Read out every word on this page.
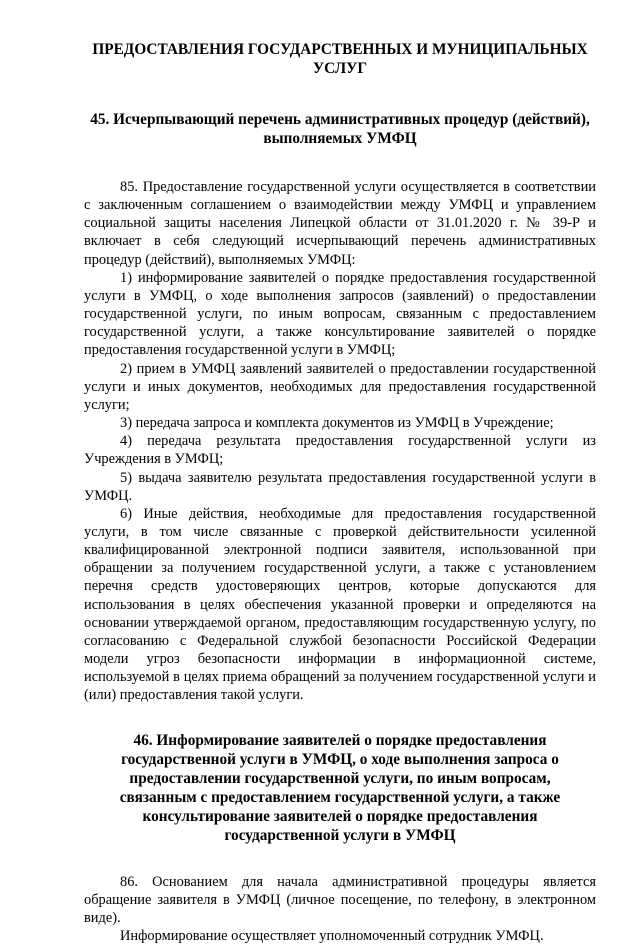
ПРЕДОСТАВЛЕНИЯ ГОСУДАРСТВЕННЫХ И МУНИЦИПАЛЬНЫХ УСЛУГ
45. Исчерпывающий перечень административных процедур (действий), выполняемых УМФЦ

85. Предоставление государственной услуги осуществляется в соответствии с заключенным соглашением о взаимодействии между УМФЦ и управлением социальной защиты населения Липецкой области от 31.01.2020 г. № 39-Р и включает в себя следующий исчерпывающий перечень административных процедур (действий), выполняемых УМФЦ:

1) информирование заявителей о порядке предоставления государственной услуги в УМФЦ, о ходе выполнения запросов (заявлений) о предоставлении государственной услуги, по иным вопросам, связанным с предоставлением государственной услуги, а также консультирование заявителей о порядке предоставления государственной услуги в УМФЦ;

2) прием в УМФЦ заявлений заявителей о предоставлении государственной услуги и иных документов, необходимых для предоставления государственной услуги;

3) передача запроса и комплекта документов из УМФЦ в Учреждение;

4) передача результата предоставления государственной услуги из Учреждения в УМФЦ;

5) выдача заявителю результата предоставления государственной услуги в УМФЦ.

6) Иные действия, необходимые для предоставления государственной услуги, в том числе связанные с проверкой действительности усиленной квалифицированной электронной подписи заявителя, использованной при обращении за получением государственной услуги, а также с установлением перечня средств удостоверяющих центров, которые допускаются для использования в целях обеспечения указанной проверки и определяются на основании утверждаемой органом, предоставляющим государственную услугу, по согласованию с Федеральной службой безопасности Российской Федерации модели угроз безопасности информации в информационной системе, используемой в целях приема обращений за получением государственной услуги и (или) предоставления такой услуги.

46. Информирование заявителей о порядке предоставления государственной услуги в УМФЦ, о ходе выполнения запроса о предоставлении государственной услуги, по иным вопросам, связанным с предоставлением государственной услуги, а также консультирование заявителей о порядке предоставления государственной услуги в УМФЦ

86. Основанием для начала административной процедуры является обращение заявителя в УМФЦ (личное посещение, по телефону, в электронном виде).

Информирование осуществляет уполномоченный сотрудник УМФЦ.
